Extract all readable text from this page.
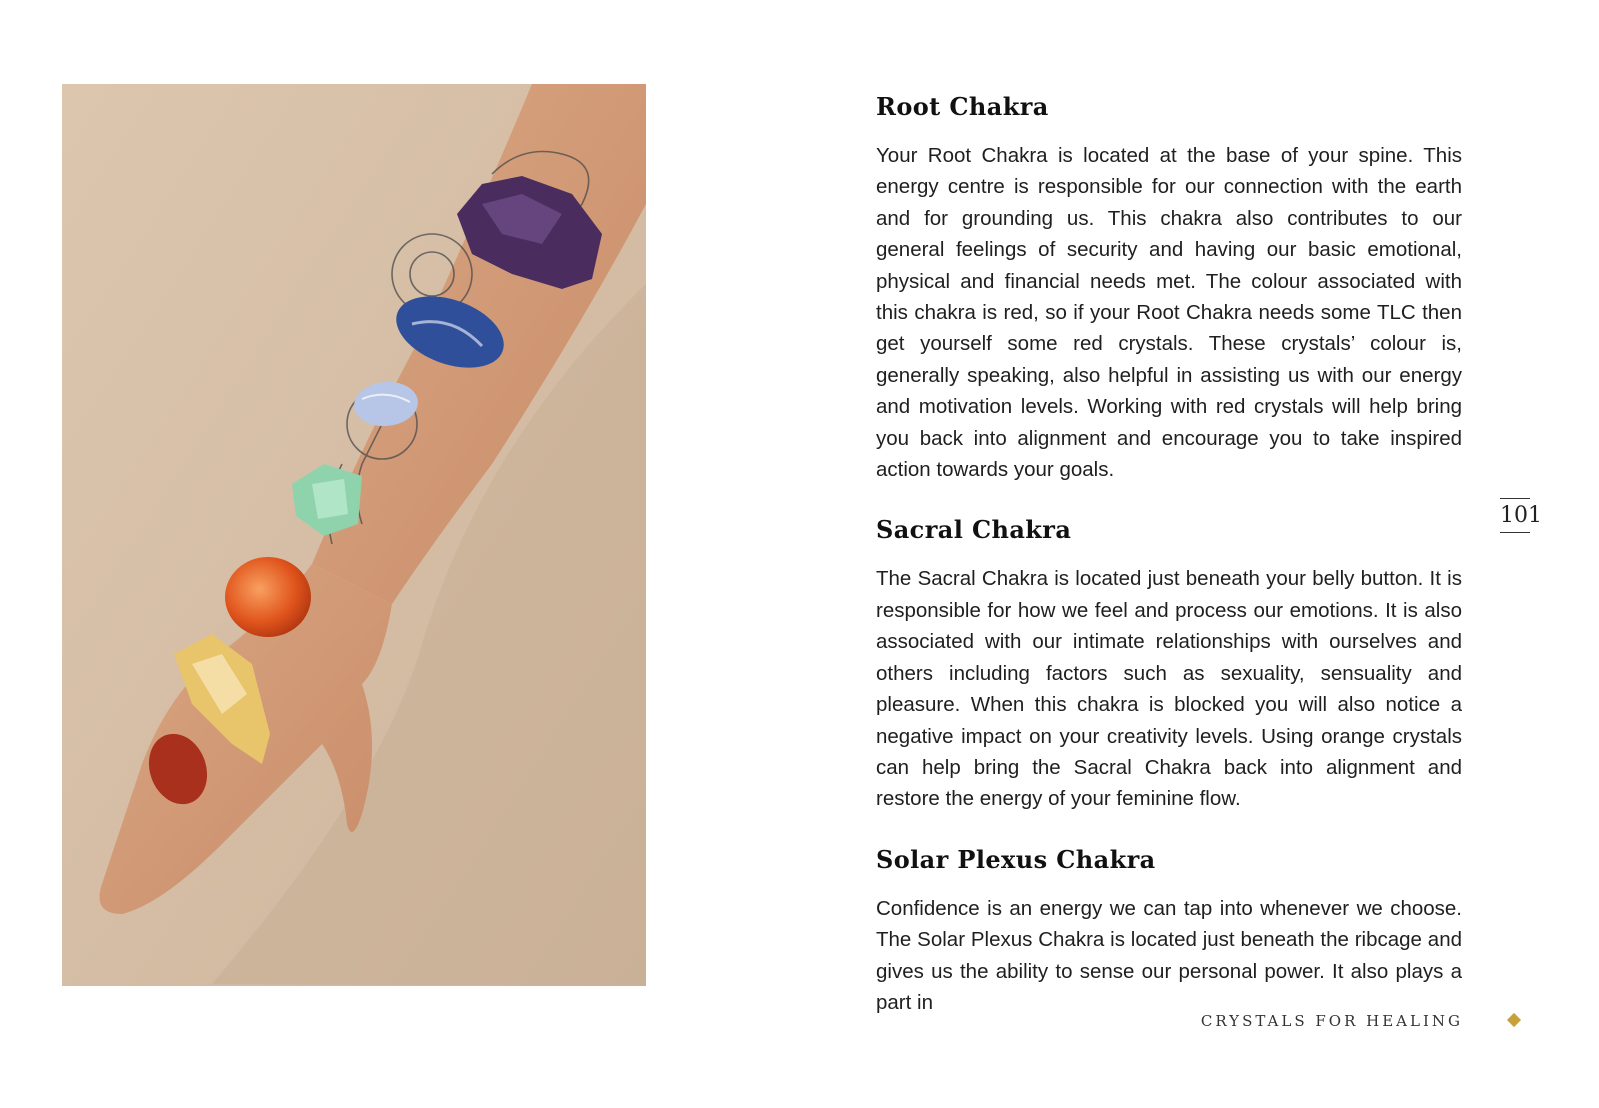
Root Chakra

Your Root Chakra is located at the base of your spine. This energy centre is responsible for our connection with the earth and for grounding us. This chakra also contributes to our general feelings of security and having our basic emotional, physical and financial needs met. The colour associated with this chakra is red, so if your Root Chakra needs some TLC then get yourself some red crystals. These crystals’ colour is, generally speaking, also helpful in assisting us with our energy and motivation levels. Working with red crystals will help bring you back into alignment and encourage you to take inspired action towards your goals.

Sacral Chakra

The Sacral Chakra is located just beneath your belly button. It is responsible for how we feel and process our emotions. It is also associated with our intimate relationships with ourselves and others including factors such as sexuality, sensuality and pleasure. When this chakra is blocked you will also notice a negative impact on your creativity levels. Using orange crystals can help bring the Sacral Chakra back into alignment and restore the energy of your feminine flow.

Solar Plexus Chakra

Confidence is an energy we can tap into whenever we choose. The Solar Plexus Chakra is located just beneath the ribcage and gives us the ability to sense our personal power. It also plays a part in

101
CRYSTALS FOR HEALING
